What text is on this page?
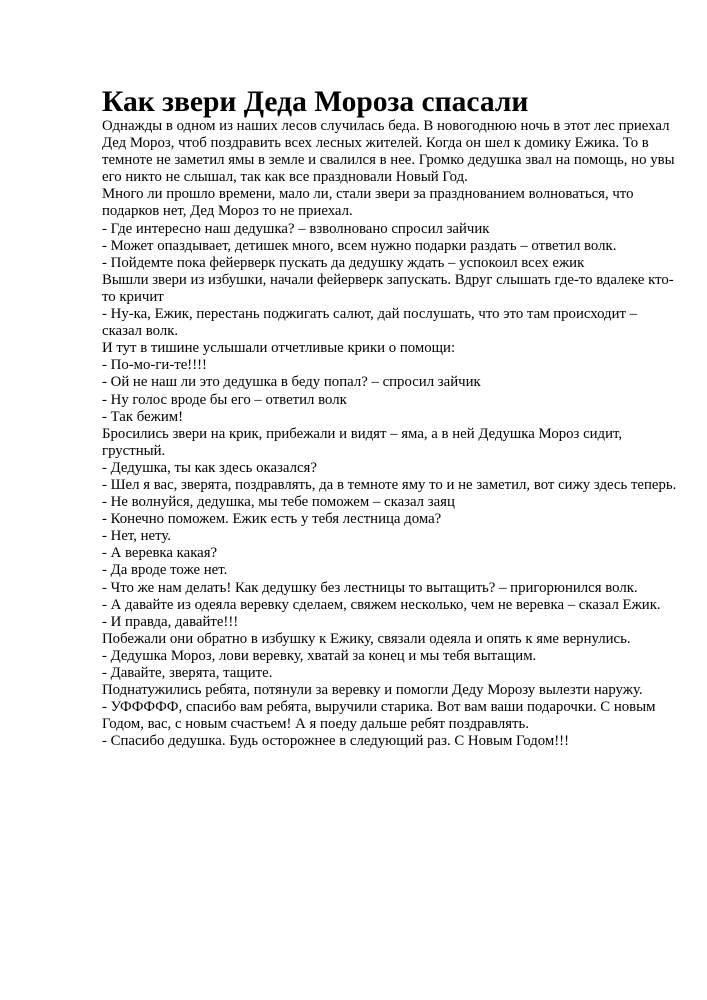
Как звери Деда Мороза спасали
Однажды в одном из наших лесов случилась беда. В новогоднюю ночь в этот лес приехал
Дед Мороз, чтоб поздравить всех лесных жителей. Когда он шел к домику Ежика. То в
темноте не заметил ямы в земле и свалился в нее. Громко дедушка звал на помощь, но увы
его никто не слышал, так как все праздновали Новый Год.
Много ли прошло времени, мало ли, стали звери за празднованием волноваться, что
подарков нет, Дед Мороз то не приехал.
- Где интересно наш дедушка? – взволновано спросил зайчик
- Может опаздывает, детишек много, всем нужно подарки раздать – ответил волк.
- Пойдемте пока фейерверк пускать да дедушку ждать – успокоил всех ежик
Вышли звери из избушки, начали фейерверк запускать. Вдруг слышать где-то вдалеке кто-
то кричит
- Ну-ка, Ежик, перестань поджигать салют, дай послушать, что это там происходит –
сказал волк.
И тут в тишине услышали отчетливые крики о помощи:
- По-мо-ги-те!!!!
- Ой не наш ли это дедушка в беду попал? – спросил зайчик
- Ну голос вроде бы его – ответил волк
- Так бежим!
Бросились звери на крик, прибежали и видят – яма, а в ней Дедушка Мороз сидит,
грустный.
- Дедушка, ты как здесь оказался?
- Шел я вас, зверята, поздравлять, да в темноте яму то и не заметил, вот сижу здесь теперь.
- Не волнуйся, дедушка, мы тебе поможем – сказал заяц
- Конечно поможем. Ежик есть у тебя лестница дома?
- Нет, нету.
- А веревка какая?
- Да вроде тоже нет.
- Что же нам делать! Как дедушку без лестницы то вытащить? – пригорюнился волк.
- А давайте из одеяла веревку сделаем, свяжем несколько, чем не веревка – сказал Ежик.
- И правда, давайте!!!
Побежали они обратно в избушку к Ежику, связали одеяла и опять к яме вернулись.
- Дедушка Мороз, лови веревку, хватай за конец и мы тебя вытащим.
- Давайте, зверята, тащите.
Поднатужились ребята, потянули за веревку и помогли Деду Морозу вылезти наружу.
- УФФФФФ, спасибо вам ребята, выручили старика. Вот вам ваши подарочки. С новым
Годом, вас, с новым счастьем! А я поеду дальше ребят поздравлять.
- Спасибо дедушка. Будь осторожнее в следующий раз. С Новым Годом!!!
